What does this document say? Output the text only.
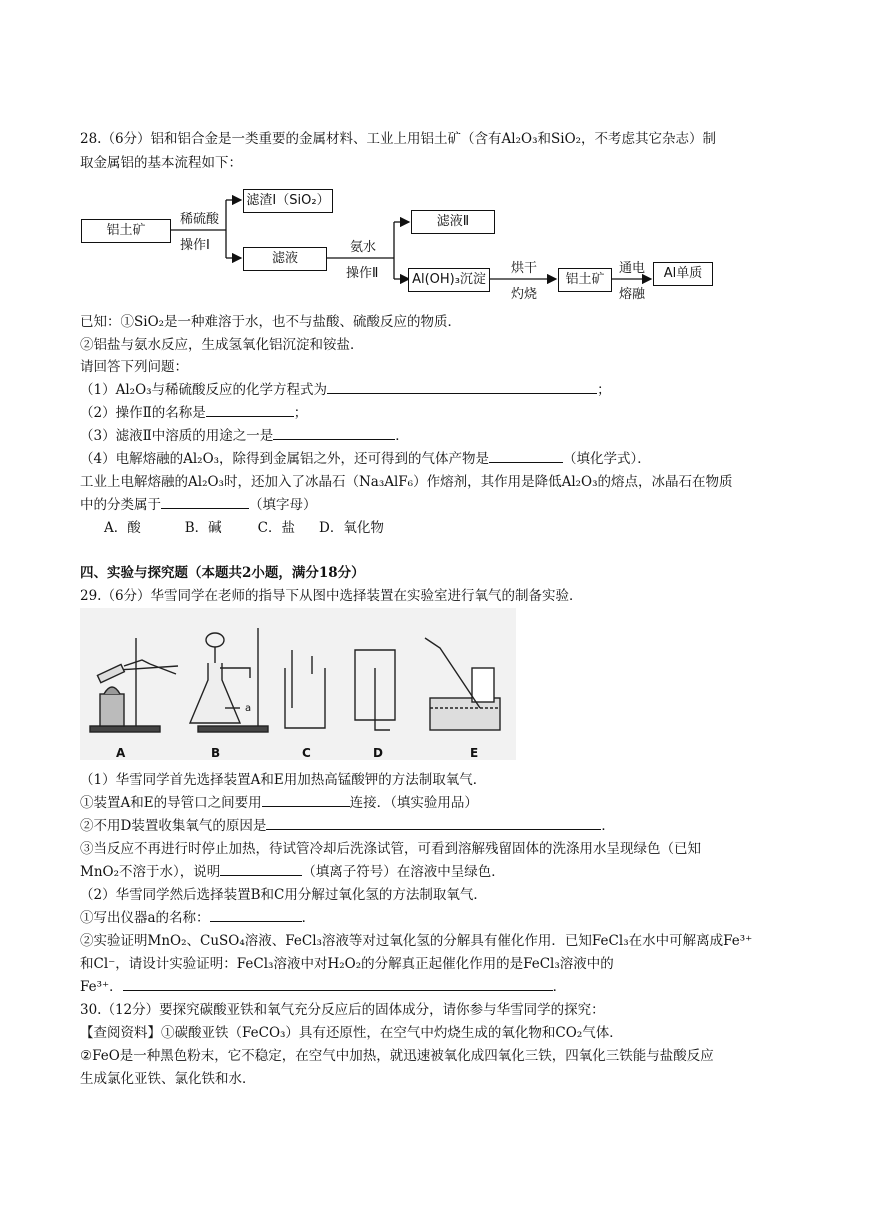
28.（6分）铝和铝合金是一类重要的金属材料、工业上用铝土矿（含有Al₂O₃和SiO₂，不考虑其它杂志）制
取金属铝的基本流程如下：
铝土矿
稀硫酸
操作Ⅰ
滤渣Ⅰ（SiO₂）
滤液
氨水
操作Ⅱ
滤液Ⅱ
Al(OH)₃沉淀
烘干
灼烧
铝土矿
通电
熔融
Al单质
已知：①SiO₂是一种难溶于水，也不与盐酸、硫酸反应的物质．
②铝盐与氨水反应，生成氢氧化铝沉淀和铵盐．
请回答下列问题：
（1）Al₂O₃与稀硫酸反应的化学方程式为	；
（2）操作Ⅱ的名称是	；
（3）滤液Ⅱ中溶质的用途之一是	．
（4）电解熔融的Al₂O₃，除得到金属铝之外，还可得到的气体产物是	（填化学式）．
工业上电解熔融的Al₂O₃时，还加入了冰晶石（Na₃AlF₆）作熔剂，其作用是降低Al₂O₃的熔点，冰晶石在物质
中的分类属于	（填字母）
A．酸	B．碱	C．盐 D．氧化物
四、实验与探究题（本题共2小题，满分18分）
29.（6分）华雪同学在老师的指导下从图中选择装置在实验室进行氧气的制备实验．
a
A	B	C	D	E
（1）华雪同学首先选择装置A和E用加热高锰酸钾的方法制取氧气．
①装置A和E的导管口之间要用	连接．（填实验用品）
②不用D装置收集氧气的原因是	．
③当反应不再进行时停止加热，待试管冷却后洗涤试管，可看到溶解残留固体的洗涤用水呈现绿色（已知
MnO₂不溶于水），说明	（填离子符号）在溶液中呈绿色．
（2）华雪同学然后选择装置B和C用分解过氧化氢的方法制取氧气．
①写出仪器a的名称：	．
②实验证明MnO₂、CuSO₄溶液、FeCl₃溶液等对过氧化氢的分解具有催化作用．已知FeCl₃在水中可解离成Fe³⁺
和Cl⁻，请设计实验证明：FeCl₃溶液中对H₂O₂的分解真正起催化作用的是FeCl₃溶液中的
Fe³⁺．	．
30.（12分）要探究碳酸亚铁和氧气充分反应后的固体成分，请你参与华雪同学的探究：
【查阅资料】①碳酸亚铁（FeCO₃）具有还原性，在空气中灼烧生成的氧化物和CO₂气体．
②FeO是一种黑色粉末，它不稳定，在空气中加热，就迅速被氧化成四氧化三铁，四氧化三铁能与盐酸反应
生成氯化亚铁、氯化铁和水．
